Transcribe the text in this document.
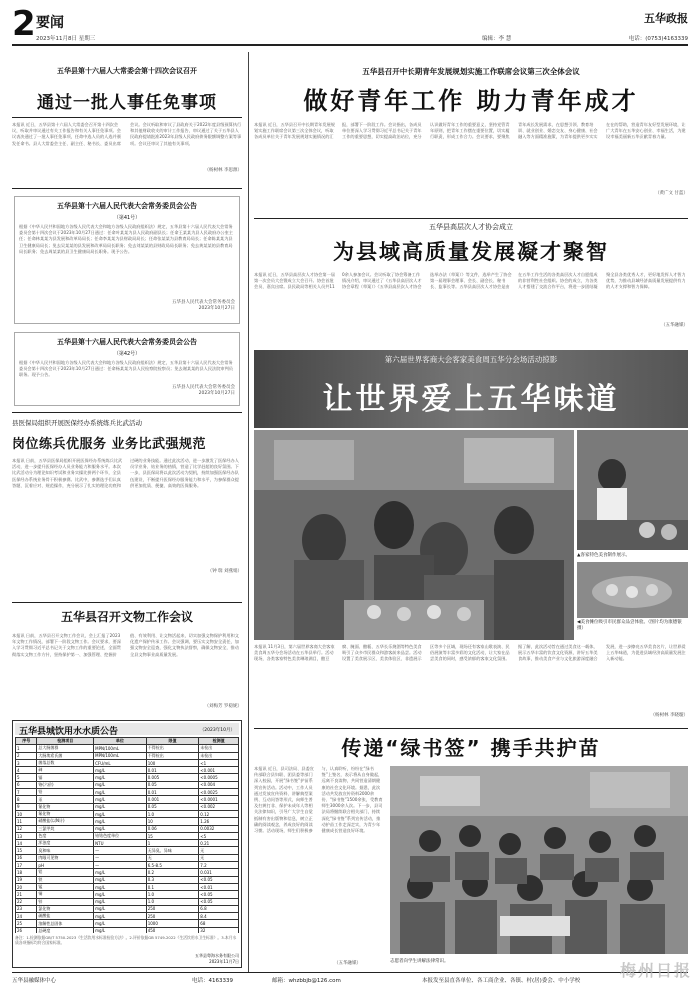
2 要闻
2023年11月8日 星期三	编辑：李 慧
五华政报
电话：(0753)4163339
五华县第十六届人大常委会第十四次会议召开
通过一批人事任免事项
本报讯 近日，五华县第十六届人大常委会召开第十四次会议，听取并审议通过有关工作报告和有关人事任免事项。会议表决通过了一批人事任免事项，任命中选人员的人选并颁发任命书。县人大常委会主任、副主任、秘书长、委员出席会议。会议听取和审议了县政府关于2022年度县级预算执行和其他财政收支的审计工作报告，审议通过了关于五华县人民政府提请批准2023年县级人民政府债务限额调整方案等事项。会议还审议了其他有关事项。
（杨树林 李思源）
五华县第十六届人民代表大会常务委员会公告
（第41号）
根据《中华人民共和国地方各级人民代表大会和地方各级人民政府组织法》规定，五华县第十六届人民代表大会常务委员会第十四次会议于2023年10月27日通过：任命叶某某为县人民政府副县长；任命王某某为县人民政府办公室主任；任命林某某为县发展和改革局局长；任命李某某为县财政局局长；任命张某某为县教育局局长；任命陈某某为县卫生健康局局长；免去吴某某的县发展和改革局局长职务；免去刘某某的县财政局局长职务；免去黄某某的县教育局局长职务；免去周某某的县卫生健康局局长职务。现予公告。
五华县人民代表大会常务委员会
2023年10月27日
五华县第十六届人民代表大会常务委员会公告
（第42号）
根据《中华人民共和国地方各级人民代表大会和地方各级人民政府组织法》规定，五华县第十六届人民代表大会常务委员会第十四次会议于2023年10月27日通过：任命杨某某为县人民检察院检察员；免去谢某某的县人民法院审判员职务。现予公告。
五华县人民代表大会常务委员会
2023年10月27日
县医保局组织开展医保经办系统练兵比武活动
岗位练兵优服务 业务比武强规范
本报讯 日前，五华县医保局组织开展医保经办系统练兵比武活动，进一步提升医保经办人员业务能力和服务水平。本次比武活动分为理论知识考试和业务实操比拼两个环节，全县医保经办系统业务骨干积极参赛。比武中，参赛选手们认真答题、沉着应对、规范操作，充分展示了扎实的理论功底和过硬的业务技能。通过此次活动，进一步激发了医保经办人员学业务、钻业务的热情，营造了比学赶超的良好氛围。下一步，县医保局将以此次活动为契机，持续加强医保经办队伍建设，不断提升医保经办服务能力和水平，为参保群众提供更加优质、便捷、高效的医保服务。
（钟 瑞 刘燕娟）
五华县召开文物工作会议
本报讯 日前，五华县召开文物工作会议，会上汇报了2023年文物工作情况，部署下一阶段文物工作。会议要求，要深入学习贯彻习近平总书记关于文物工作的重要论述，全面贯彻落实文物工作方针，坚持保护第一、加强管理、挖掘价值、有效利用、让文物活起来，切实加强文物保护利用和文化遗产保护传承工作。会议强调，要压实文物安全责任，加强文物安全巡查，强化文物执法督察，确保文物安全，推动全县文物事业高质量发展。
（刘梅芳 罗稳妮）
五华县城饮用水水质公告	（2023年10月）
序号	检测项目	单位	限值	检测值
1	总大肠菌群	MPN/100mL	不得检出	未检出
2	大肠埃希氏菌	MPN/100mL	不得检出	未检出
3	菌落总数	CFU/mL	100	<1
4	砷	mg/L	0.01	<0.001
5	镉	mg/L	0.005	<0.0005
6	铬(六价)	mg/L	0.05	<0.004
7	铅	mg/L	0.01	<0.0025
8	汞	mg/L	0.001	<0.0001
9	氰化物	mg/L	0.05	<0.002
10	氟化物	mg/L	1.0	0.12
11	硝酸盐(以N计)	mg/L	10	1.26
12	三氯甲烷	mg/L	0.06	0.0032
13	色度	铂钴色度单位	15	<5
14	浑浊度	NTU	1	0.21
15	臭和味	—	无异臭、异味	无
16	肉眼可见物	—	无	无
17	pH	—	6.5-8.5	7.2
18	铝	mg/L	0.2	0.031
19	铁	mg/L	0.3	<0.05
20	锰	mg/L	0.1	<0.01
21	铜	mg/L	1.0	<0.05
22	锌	mg/L	1.0	<0.05
23	氯化物	mg/L	250	6.8
24	硫酸盐	mg/L	250	8.4
25	溶解性总固体	mg/L	1000	68
26	总硬度	mg/L	450	32

备注：1.检测依据GB/T 5750-2023《生活饮用水标准检验方法》。2.评价依据GB 5749-2022《生活饮用水卫生标准》。3.本月水质各项指标均符合国家标准。
五华县粤海水务有限公司
2023年11月7日
五华县召开中长期青年发展规划实施工作联席会议第三次全体会议
做好青年工作 助力青年成才
本报讯 近日，五华县召开中长期青年发展规划实施工作联席会议第三次全体会议，听取各成员单位关于青年发展规划实施情况的汇报，部署下一阶段工作。会议指出，各成员单位要深入学习贯彻习近平总书记关于青年工作的重要思想，切实提高政治站位，充分认识做好青年工作的重要意义，坚持党管青年原则，把青年工作摆在重要位置，切实履行职责，形成工作合力。会议要求，要聚焦青年成长发展需求，在思想引领、教育培训、就业创业、婚恋交友、身心健康、社会融入等方面精准施策，为青年提供更多实实在在的帮助，营造青年友好型发展环境，让广大青年在五华安心创业、幸福生活，为建设幸福美丽新五华贡献青春力量。
（黄广文 甘蓝）
五华县高层次人才协会成立
为县域高质量发展凝才聚智
本报讯 近日，五华县高层次人才协会第一届第一次会员大会暨成立大会召开。协会首批会员、嘉宾出席。县民政局等相关人员共110余人参加会议。会议听取了协会筹备工作情况介绍，审议通过了《五华县高层次人才协会章程（草案）》《五华县高层次人才协会选举办法（草案）》等文件，选举产生了协会第一届理事会理事、会长、副会长、秘书长、监事长等。五华县高层次人才协会是由在五华工作生活的各类高层次人才自愿组成的非营利性社会组织。协会的成立，为各类人才搭建了交流合作平台，将进一步团结凝聚全县各类优秀人才，更好地发挥人才智力优势，为推动县域经济高质量发展提供有力的人才支撑和智力保障。
（五华融媒）
第六届世界客商大会客家美食周五华分会场活动掠影
让世界爱上五华味道
▲客家特色美食制作展示。
◀美食摊位吸引市民群众品尝体验。（图片均为康德银摄）
本报讯 11月3日，第六届世界客商大会客家美食周五华分会场活动在五华县举行。活动现场，各类客家特色美食琳琅满目，酿豆腐、腌面、酿粄、五华长乐烧酒等特色美食吸引了众多市民群众和游客前来品尝。活动设置了美食展示区、美食体验区、非遗展示区等多个区域，现场还有客家山歌表演、民俗展演等丰富多彩的文化活动，让大家在品尝美食的同时，感受浓郁的客家文化氛围。据了解，此次活动旨在通过美食这一载体，展示五华丰富的饮食文化资源，讲好五华美食故事，推动美食产业与文化旅游深度融合发展，进一步擦亮五华美食名片，让世界爱上五华味道，为促进县域经济高质量发展注入新动能。
（杨树林 李晓璇）
传递“绿书签” 携手共护苗
本报讯 近日，县司法局、县委宣传部联合县妇联、团县委等部门深入校园，开展“绿书签”护苗系列宣传活动。活动中，工作人员通过发放宣传资料、讲解典型案例、互动问答等形式，向师生普及扫黄打非、保护未成年人等相关法律知识，引导广大学生自觉抵制有害出版物和信息，树立正确的阅读观念，养成良好的阅读习惯。活动现场，师生们积极参与，认真聆听，纷纷在“绿书签”上签名，表示将从自身做起，远离不良读物，共同营造清朗健康的社会文化环境。据悉，此次活动共发放宣传资料2000余份、“绿书签”1500余张，受教育师生3000余人次。下一步，县司法局将继续联合相关部门，持续深化“绿书签”系列宣传活动，推动护苗工作走深走实，为青少年健康成长营造良好环境。
（五华融媒）	志愿者向学生讲解法律常识。
五华县融媒体中心	电话：4163339	邮箱：whzbbjb@126.com	本报发至县直各单位、各工商企业、各镇、村(居)委会、中小学校
梅州日报
